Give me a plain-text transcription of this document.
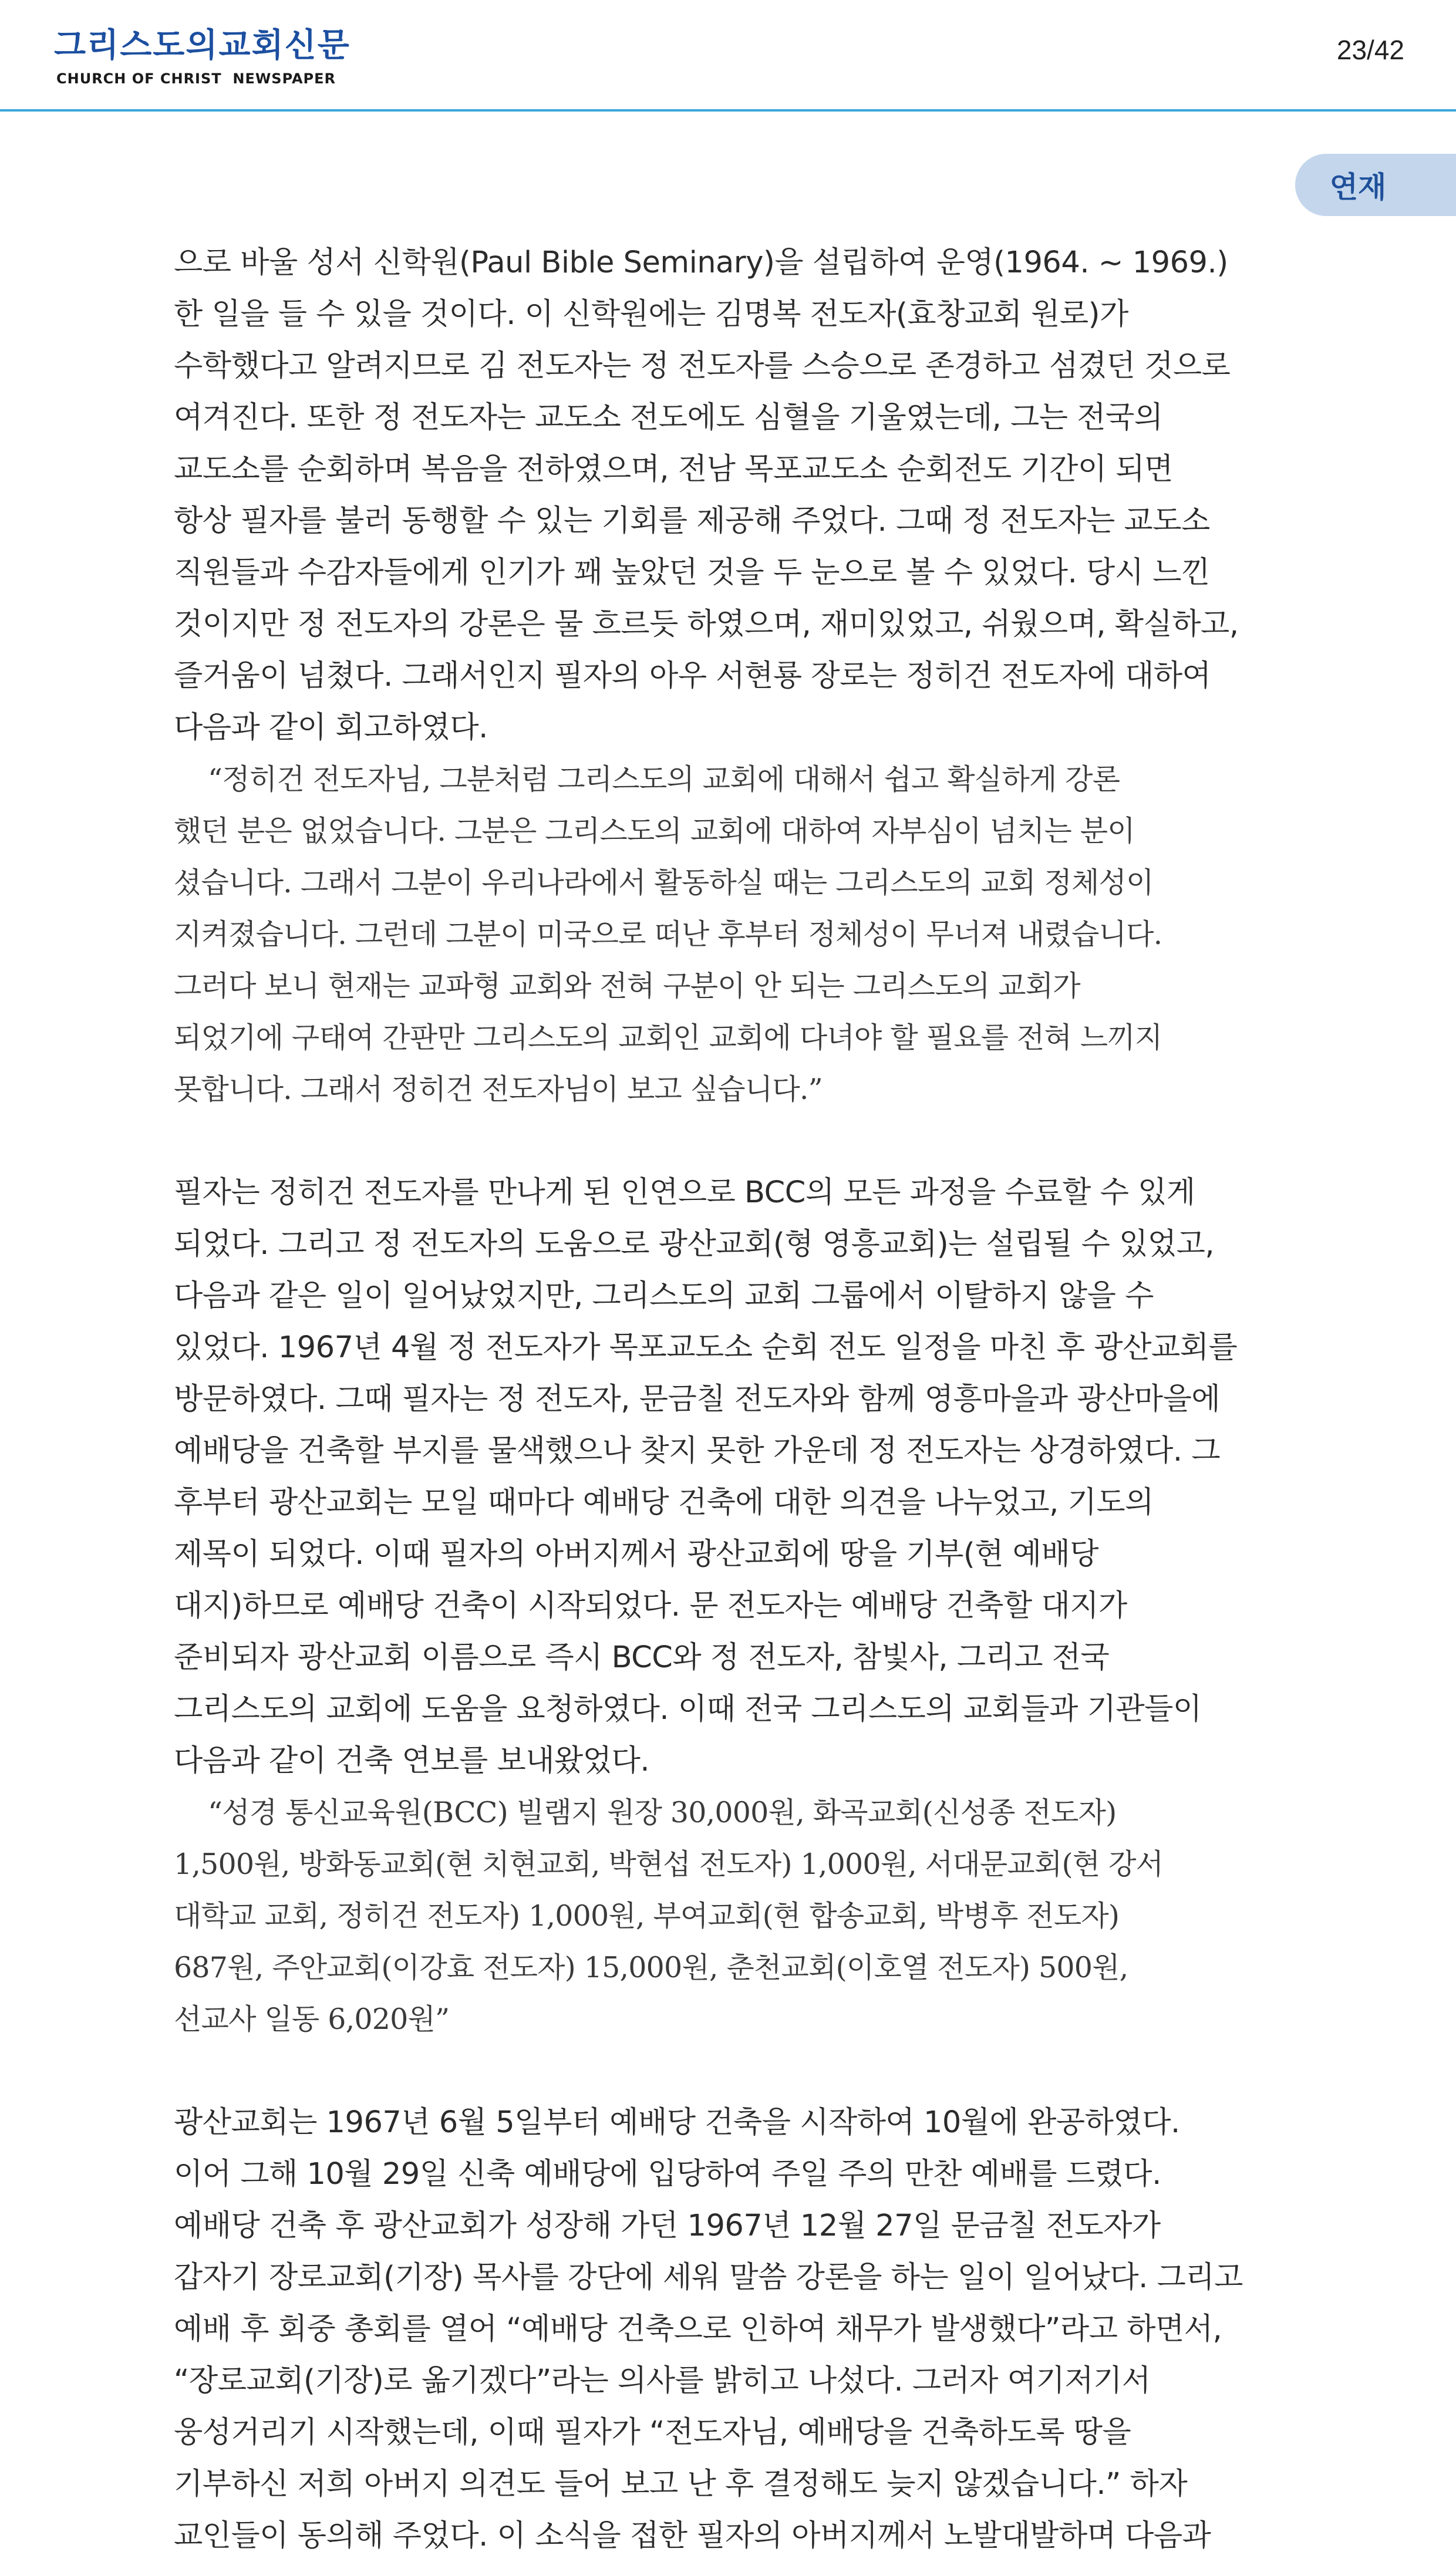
그리스도의교회신문
CHURCH OF CHRIST  NEWSPAPER
23/42
연재
으로 바울 성서 신학원(Paul Bible Seminary)을 설립하여 운영(1964. ~ 1969.)
한 일을 들 수 있을 것이다. 이 신학원에는 김명복 전도자(효창교회 원로)가
수학했다고 알려지므로 김 전도자는 정 전도자를 스승으로 존경하고 섬겼던 것으로
여겨진다. 또한 정 전도자는 교도소 전도에도 심혈을 기울였는데, 그는 전국의
교도소를 순회하며 복음을 전하였으며, 전남 목포교도소 순회전도 기간이 되면
항상 필자를 불러 동행할 수 있는 기회를 제공해 주었다. 그때 정 전도자는 교도소
직원들과 수감자들에게 인기가 꽤 높았던 것을 두 눈으로 볼 수 있었다. 당시 느낀
것이지만 정 전도자의 강론은 물 흐르듯 하였으며, 재미있었고, 쉬웠으며, 확실하고,
즐거움이 넘쳤다. 그래서인지 필자의 아우 서현룡 장로는 정히건 전도자에 대하여
다음과 같이 회고하였다.
“정히건 전도자님, 그분처럼 그리스도의 교회에 대해서 쉽고 확실하게 강론
했던 분은 없었습니다. 그분은 그리스도의 교회에 대하여 자부심이 넘치는 분이
셨습니다. 그래서 그분이 우리나라에서 활동하실 때는 그리스도의 교회 정체성이
지켜졌습니다. 그런데 그분이 미국으로 떠난 후부터 정체성이 무너져 내렸습니다.
그러다 보니 현재는 교파형 교회와 전혀 구분이 안 되는 그리스도의 교회가
되었기에 구태여 간판만 그리스도의 교회인 교회에 다녀야 할 필요를 전혀 느끼지
못합니다. 그래서 정히건 전도자님이 보고 싶습니다.”
필자는 정히건 전도자를 만나게 된 인연으로 BCC의 모든 과정을 수료할 수 있게
되었다. 그리고 정 전도자의 도움으로 광산교회(형 영흥교회)는 설립될 수 있었고,
다음과 같은 일이 일어났었지만, 그리스도의 교회 그룹에서 이탈하지 않을 수
있었다. 1967년 4월 정 전도자가 목포교도소 순회 전도 일정을 마친 후 광산교회를
방문하였다. 그때 필자는 정 전도자, 문금칠 전도자와 함께 영흥마을과 광산마을에
예배당을 건축할 부지를 물색했으나 찾지 못한 가운데 정 전도자는 상경하였다. 그
후부터 광산교회는 모일 때마다 예배당 건축에 대한 의견을 나누었고, 기도의
제목이 되었다. 이때 필자의 아버지께서 광산교회에 땅을 기부(현 예배당
대지)하므로 예배당 건축이 시작되었다. 문 전도자는 예배당 건축할 대지가
준비되자 광산교회 이름으로 즉시 BCC와 정 전도자, 참빛사, 그리고 전국
그리스도의 교회에 도움을 요청하였다. 이때 전국 그리스도의 교회들과 기관들이
다음과 같이 건축 연보를 보내왔었다.
“성경 통신교육원(BCC) 빌램지 원장 30,000원, 화곡교회(신성종 전도자)
1,500원, 방화동교회(현 치현교회, 박현섭 전도자) 1,000원, 서대문교회(현 강서
대학교 교회, 정히건 전도자) 1,000원, 부여교회(현 합송교회, 박병후 전도자)
687원, 주안교회(이강효 전도자) 15,000원, 춘천교회(이호열 전도자) 500원,
선교사 일동 6,020원”
광산교회는 1967년 6월 5일부터 예배당 건축을 시작하여 10월에 완공하였다.
이어 그해 10월 29일 신축 예배당에 입당하여 주일 주의 만찬 예배를 드렸다.
예배당 건축 후 광산교회가 성장해 가던 1967년 12월 27일 문금칠 전도자가
갑자기 장로교회(기장) 목사를 강단에 세워 말씀 강론을 하는 일이 일어났다. 그리고
예배 후 회중 총회를 열어 “예배당 건축으로 인하여 채무가 발생했다”라고 하면서,
“장로교회(기장)로 옮기겠다”라는 의사를 밝히고 나섰다. 그러자 여기저기서
웅성거리기 시작했는데, 이때 필자가 “전도자님, 예배당을 건축하도록 땅을
기부하신 저희 아버지 의견도 들어 보고 난 후 결정해도 늦지 않겠습니다.” 하자
교인들이 동의해 주었다. 이 소식을 접한 필자의 아버지께서 노발대발하며 다음과
